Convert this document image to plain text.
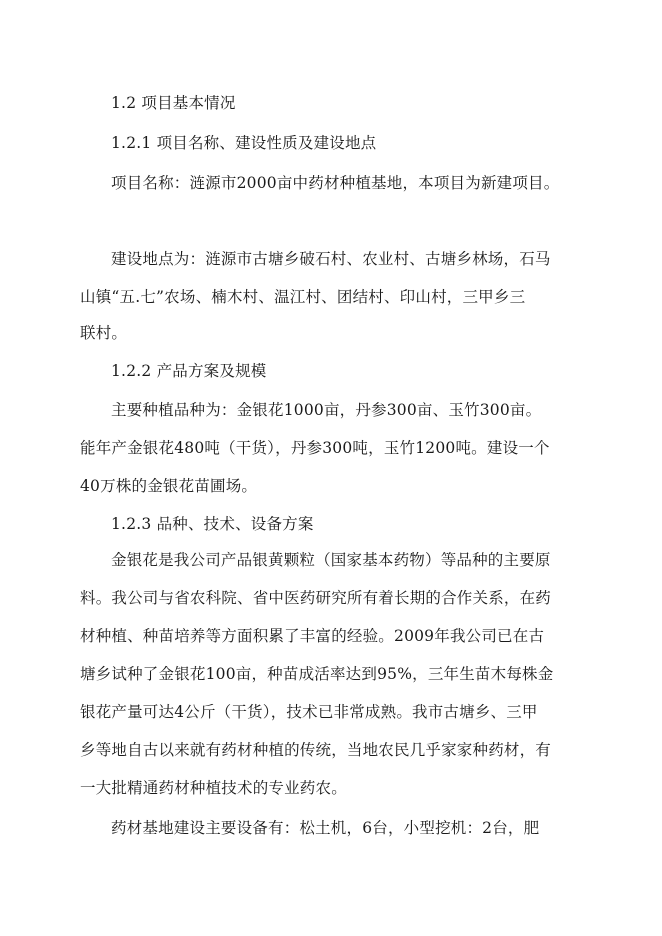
1.2 项目基本情况
1.2.1 项目名称、建设性质及建设地点
项目名称：涟源市2000亩中药材种植基地，本项目为新建项目。
建设地点为：涟源市古塘乡破石村、农业村、古塘乡林场，石马
山镇“五.七”农场、楠木村、温江村、团结村、印山村，三甲乡三
联村。
1.2.2 产品方案及规模
主要种植品种为：金银花1000亩，丹参300亩、玉竹300亩。
能年产金银花480吨（干货），丹参300吨，玉竹1200吨。建设一个
40万株的金银花苗圃场。
1.2.3 品种、技术、设备方案
金银花是我公司产品银黄颗粒（国家基本药物）等品种的主要原
料。我公司与省农科院、省中医药研究所有着长期的合作关系，在药
材种植、种苗培养等方面积累了丰富的经验。2009年我公司已在古
塘乡试种了金银花100亩，种苗成活率达到95%，三年生苗木每株金
银花产量可达4公斤（干货），技术已非常成熟。我市古塘乡、三甲
乡等地自古以来就有药材种植的传统，当地农民几乎家家种药材，有
一大批精通药材种植技术的专业药农。
药材基地建设主要设备有：松土机，6台，小型挖机：2台，肥
